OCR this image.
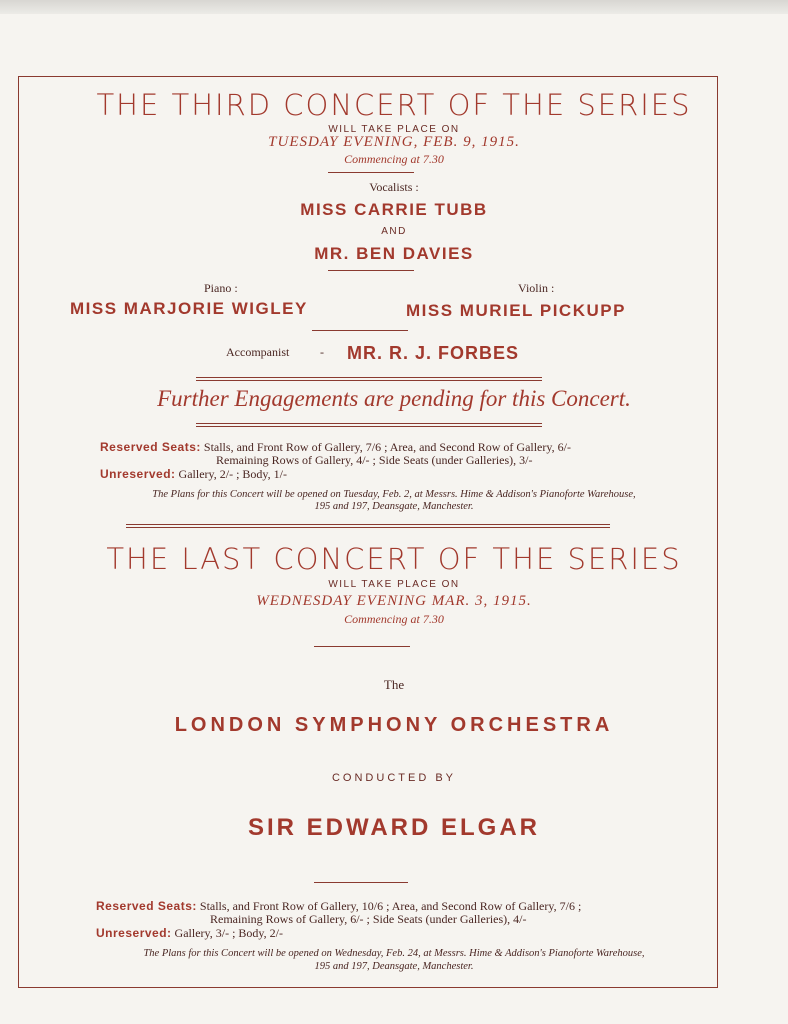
THE THIRD CONCERT OF THE SERIES
WILL TAKE PLACE ON
TUESDAY EVENING, FEB. 9, 1915.
Commencing at 7.30
Vocalists :
MISS CARRIE TUBB
AND
MR. BEN DAVIES
Piano :	Violin :
MISS MARJORIE WIGLEY	MISS MURIEL PICKUPP
Accompanist	- MR. R. J. FORBES
Further Engagements are pending for this Concert.
Reserved Seats: Stalls, and Front Row of Gallery, 7/6 ; Area, and Second Row of Gallery, 6/-
Remaining Rows of Gallery, 4/- ; Side Seats (under Galleries), 3/-
Unreserved: Gallery, 2/- ; Body, 1/-
The Plans for this Concert will be opened on Tuesday, Feb. 2, at Messrs. Hime & Addison's Pianoforte Warehouse,
195 and 197, Deansgate, Manchester.
THE LAST CONCERT OF THE SERIES
WILL TAKE PLACE ON
WEDNESDAY EVENING MAR. 3, 1915.
Commencing at 7.30
The
LONDON SYMPHONY ORCHESTRA
CONDUCTED BY
SIR EDWARD ELGAR
Reserved Seats: Stalls, and Front Row of Gallery, 10/6 ; Area, and Second Row of Gallery, 7/6 ;
Remaining Rows of Gallery, 6/- ; Side Seats (under Galleries), 4/-
Unreserved: Gallery, 3/- ; Body, 2/-
The Plans for this Concert will be opened on Wednesday, Feb. 24, at Messrs. Hime & Addison's Pianoforte Warehouse,
195 and 197, Deansgate, Manchester.
